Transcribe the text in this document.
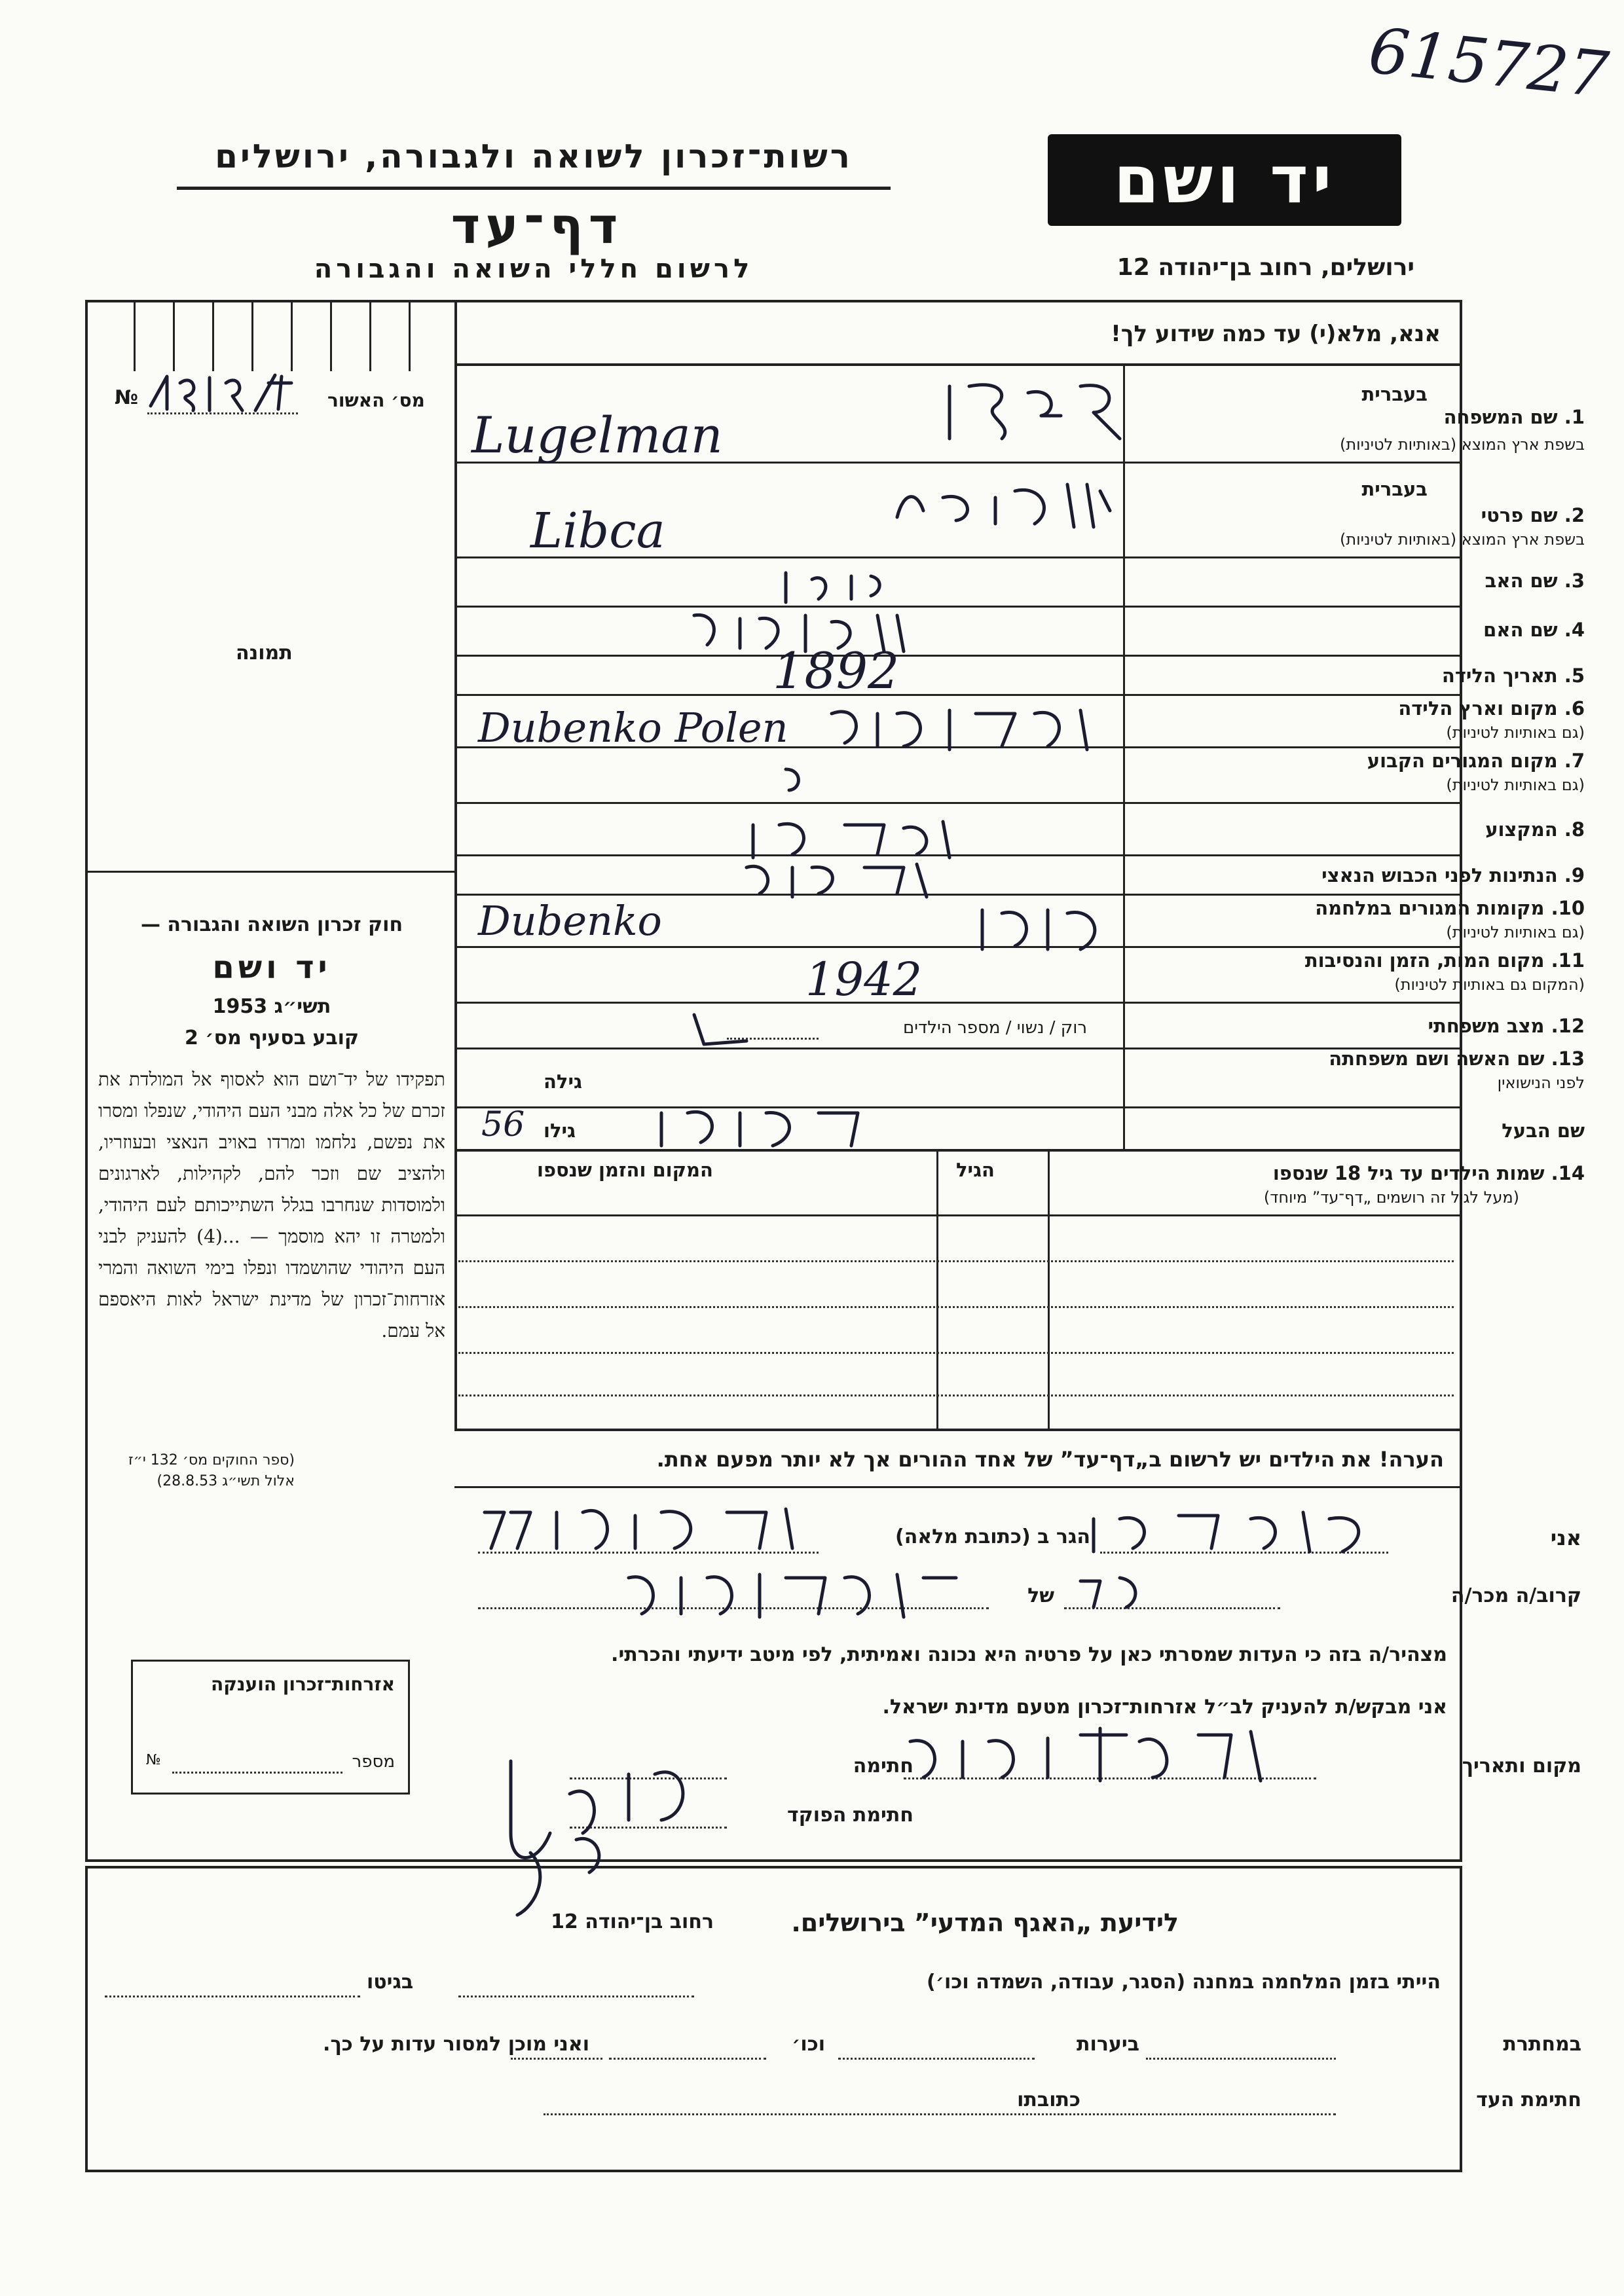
615727
רשות־זכרון לשואה ולגבורה, ירושלים
דף־עד
לרשום חללי השואה והגבורה
יד ושם
ירושלים, רחוב בן־יהודה 12
№	מס׳ האשור
תמונה
חוק זכרון השואה והגבורה —
יד ושם
תשי״ג 1953
קובע בסעיף מס׳ 2
תפקידו של יד־ושם הוא לאסוף אל המולדת את זכרם של כל אלה מבני העם היהודי, שנפלו ומסרו את נפשם, נלחמו ומרדו באויב הנאצי ובעוזריו, ולהציב שם וזכר להם, לקהילות, לארגונים ולמוסדות שנחרבו בגלל השתייכותם לעם היהודי, ולמטרה זו יהא מוסמך — ...(4) להעניק לבני העם היהודי שהושמדו ונפלו בימי השואה והמרי אזרחות־זכרון של מדינת ישראל לאות היאספם אל עמם.
(ספר החוקים מס׳ 132 י״ז אלול תשי״ג 28.8.53)
אזרחות־זכרון הוענקה
מספר
№
אנא, מלא(י) עד כמה שידוע לך!
בעברית
1. שם המשפחה
בשפת ארץ המוצא (באותיות לטיניות)
בעברית
2. שם פרטי
בשפת ארץ המוצא (באותיות לטיניות)
3. שם האב
4. שם האם
5. תאריך הלידה
6. מקום וארץ הלידה
(גם באותיות לטיניות)
7. מקום המגורים הקבוע
(גם באותיות לטיניות)
8. המקצוע
9. הנתינות לפני הכבוש הנאצי
10. מקומות המגורים במלחמה
(גם באותיות לטיניות)
11. מקום המות, הזמן והנסיבות
(המקום גם באותיות לטיניות)
12. מצב משפחתי
רוק / נשוי / מספר הילדים
13. שם האשה ושם משפחתה
לפני הנישואין
גילה
שם הבעל
גילו
56
14. שמות הילדים עד גיל 18 שנספו
(מעל לגיל זה רושמים „דף־עד” מיוחד)
הגיל
המקום והזמן שנספו
הערה! את הילדים יש לרשום ב„דף־עד” של אחד ההורים אך לא יותר מפעם אחת.
אני
הגר ב (כתובת מלאה)
קרוב/ה מכר/ה
של
מצהיר/ה בזה כי העדות שמסרתי כאן על פרטיה היא נכונה ואמיתית, לפי מיטב ידיעתי והכרתי.
אני מבקש/ת להעניק לב״ל אזרחות־זכרון מטעם מדינת ישראל.
מקום ותאריך
חתימה
חתימת הפוקד
לידיעת „האגף המדעי” בירושלים.
רחוב בן־יהודה 12
הייתי בזמן המלחמה במחנה (הסגר, עבודה, השמדה וכו׳)
בגיטו
במחתרת
ביערות
וכו׳
ואני מוכן למסור עדות על כך.
חתימת העד
כתובתו
Lugelman
Libca
1892
Dubenko Polen
Dubenko
1942
